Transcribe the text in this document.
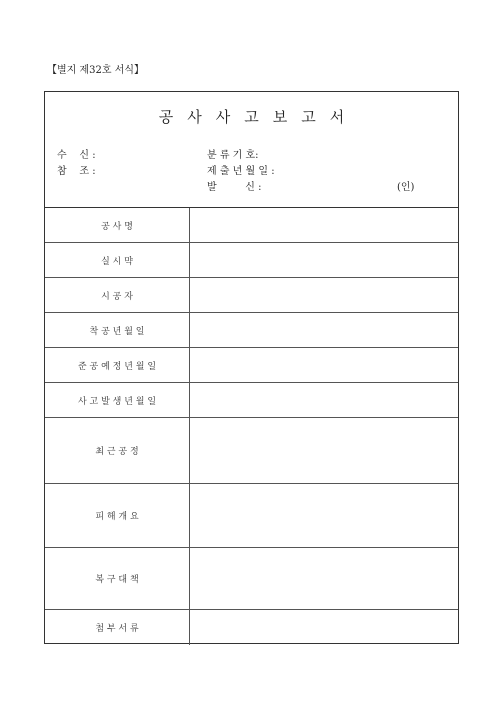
【별지 제32호 서식】
공사사고보고서
수    신 :
참    조 :
분 류 기 호:
제 출 년 월 일 :
발         신 :	(인)
공 사 명
실 시 먁
시 공 자
착 공 년 월 일
준 공 예 정 년 월 일
사 고 발 생 년 월 일
최 근 공 정
피 해 개 요
복 구 대 책
첨 부 서 류
